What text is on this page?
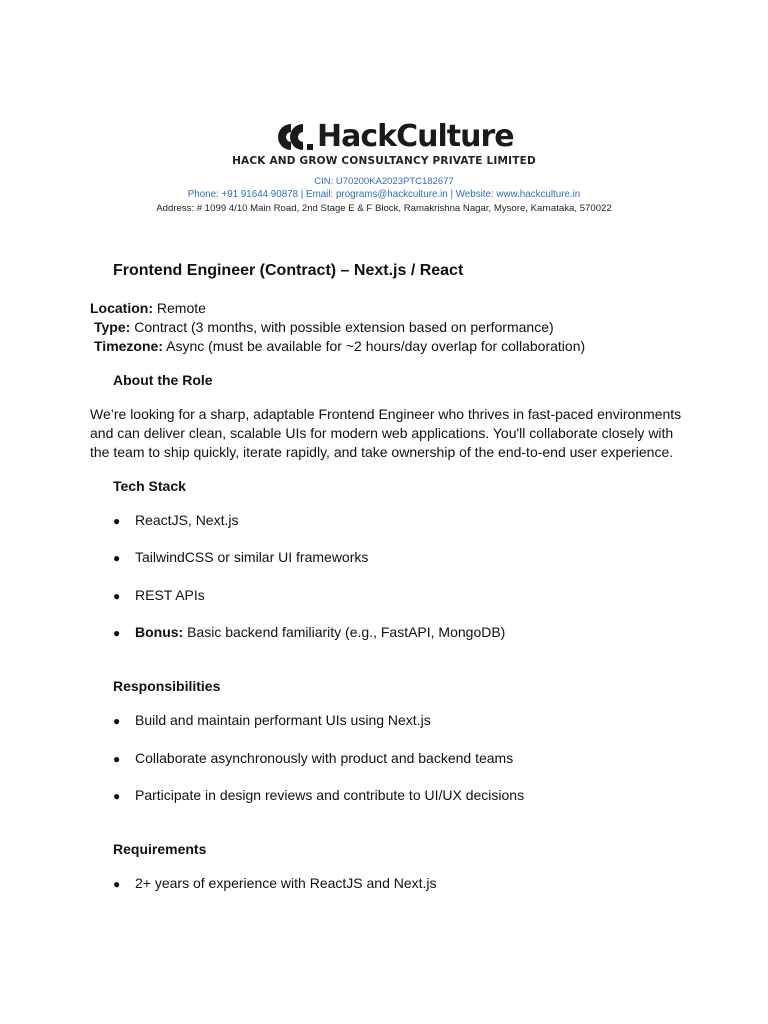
HackCulture
HACK AND GROW CONSULTANCY PRIVATE LIMITED
CIN: U70200KA2023PTC182677
Phone: +91 91644 90878 | Email: programs@hackculture.in | Website: www.hackculture.in
Address: # 1099 4/10 Main Road, 2nd Stage E & F Block, Ramakrishna Nagar, Mysore, Karnataka, 570022
Frontend Engineer (Contract) – Next.js / React
Location: Remote
Type: Contract (3 months, with possible extension based on performance)
Timezone: Async (must be available for ~2 hours/day overlap for collaboration)
About the Role
We’re looking for a sharp, adaptable Frontend Engineer who thrives in fast-paced environments and can deliver clean, scalable UIs for modern web applications. You'll collaborate closely with the team to ship quickly, iterate rapidly, and take ownership of the end-to-end user experience.
Tech Stack
●	ReactJS, Next.js
●	TailwindCSS or similar UI frameworks
●	REST APIs
●	Bonus: Basic backend familiarity (e.g., FastAPI, MongoDB)
Responsibilities
●	Build and maintain performant UIs using Next.js
●	Collaborate asynchronously with product and backend teams
●	Participate in design reviews and contribute to UI/UX decisions
Requirements
●	2+ years of experience with ReactJS and Next.js
